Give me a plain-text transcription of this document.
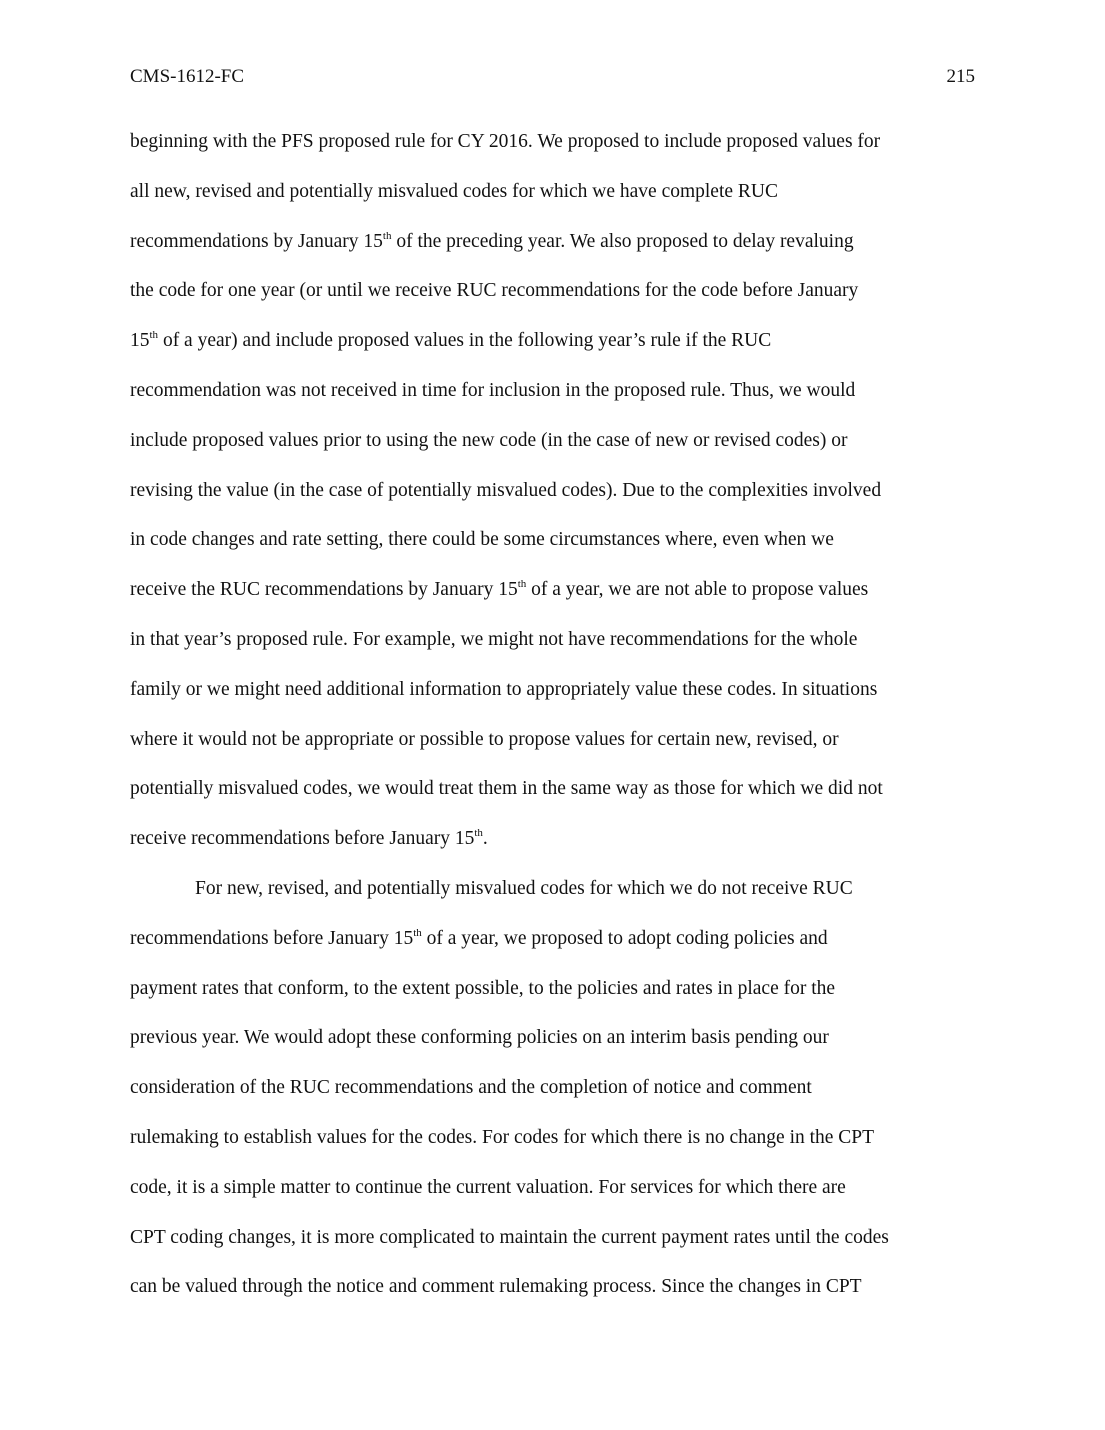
CMS-1612-FC	215
beginning with the PFS proposed rule for CY 2016. We proposed to include proposed values for
all new, revised and potentially misvalued codes for which we have complete RUC
recommendations by January 15th of the preceding year. We also proposed to delay revaluing
the code for one year (or until we receive RUC recommendations for the code before January
15th of a year) and include proposed values in the following year’s rule if the RUC
recommendation was not received in time for inclusion in the proposed rule. Thus, we would
include proposed values prior to using the new code (in the case of new or revised codes) or
revising the value (in the case of potentially misvalued codes). Due to the complexities involved
in code changes and rate setting, there could be some circumstances where, even when we
receive the RUC recommendations by January 15th of a year, we are not able to propose values
in that year’s proposed rule. For example, we might not have recommendations for the whole
family or we might need additional information to appropriately value these codes. In situations
where it would not be appropriate or possible to propose values for certain new, revised, or
potentially misvalued codes, we would treat them in the same way as those for which we did not
receive recommendations before January 15th.
For new, revised, and potentially misvalued codes for which we do not receive RUC
recommendations before January 15th of a year, we proposed to adopt coding policies and
payment rates that conform, to the extent possible, to the policies and rates in place for the
previous year. We would adopt these conforming policies on an interim basis pending our
consideration of the RUC recommendations and the completion of notice and comment
rulemaking to establish values for the codes. For codes for which there is no change in the CPT
code, it is a simple matter to continue the current valuation. For services for which there are
CPT coding changes, it is more complicated to maintain the current payment rates until the codes
can be valued through the notice and comment rulemaking process. Since the changes in CPT
